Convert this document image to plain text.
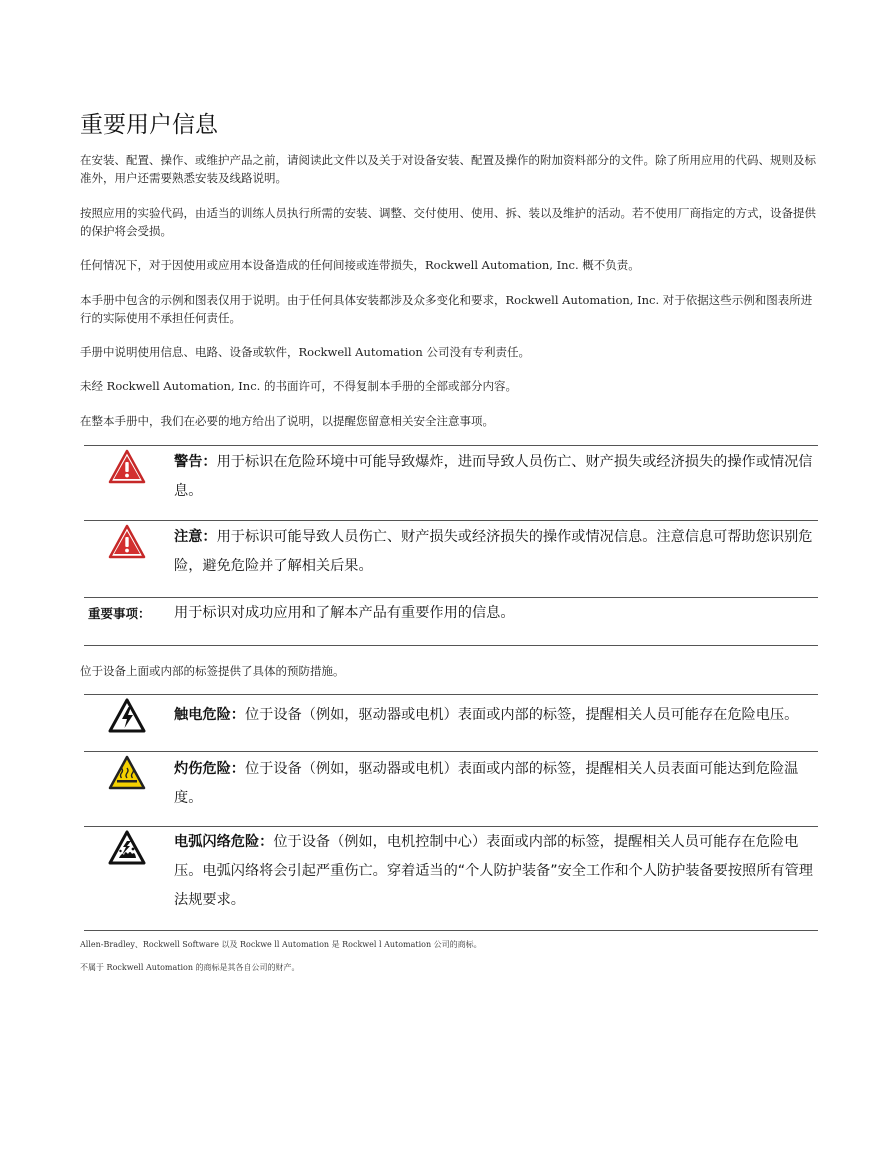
重要用户信息

在安装、配置、操作、或维护产品之前，请阅读此文件以及关于对设备安装、配置及操作的附加资料部分的文件。除了所用应用的代码、规则及标准外，用户还需要熟悉安装及线路说明。

按照应用的实验代码，由适当的训练人员执行所需的安装、调整、交付使用、使用、拆、装以及维护的活动。若不使用厂商指定的方式，设备提供的保护将会受损。

任何情况下，对于因使用或应用本设备造成的任何间接或连带损失，Rockwell Automation, Inc. 概不负责。

本手册中包含的示例和图表仅用于说明。由于任何具体安装都涉及众多变化和要求，Rockwell Automation, Inc. 对于依据这些示例和图表所进行的实际使用不承担任何责任。

手册中说明使用信息、电路、设备或软件，Rockwell Automation 公司没有专利责任。

未经 Rockwell Automation, Inc. 的书面许可，不得复制本手册的全部或部分内容。

在整本手册中，我们在必要的地方给出了说明，以提醒您留意相关安全注意事项。

警告：用于标识在危险环境中可能导致爆炸，进而导致人员伤亡、财产损失或经济损失的操作或情况信息。
注意：用于标识可能导致人员伤亡、财产损失或经济损失的操作或情况信息。注意信息可帮助您识别危险，避免危险并了解相关后果。
重要事项： 用于标识对成功应用和了解本产品有重要作用的信息。

位于设备上面或内部的标签提供了具体的预防措施。

触电危险：位于设备（例如，驱动器或电机）表面或内部的标签，提醒相关人员可能存在危险电压。
灼伤危险：位于设备（例如，驱动器或电机）表面或内部的标签，提醒相关人员表面可能达到危险温度。
电弧闪络危险：位于设备（例如，电机控制中心）表面或内部的标签，提醒相关人员可能存在危险电压。电弧闪络将会引起严重伤亡。穿着适当的“个人防护装备”安全工作和个人防护装备要按照所有管理法规要求。
Allen-Bradley、Rockwell Software 以及 Rockwe ll Automation 是 Rockwel l Automation 公司的商标。
不属于 Rockwell Automation 的商标是其各自公司的财产。
